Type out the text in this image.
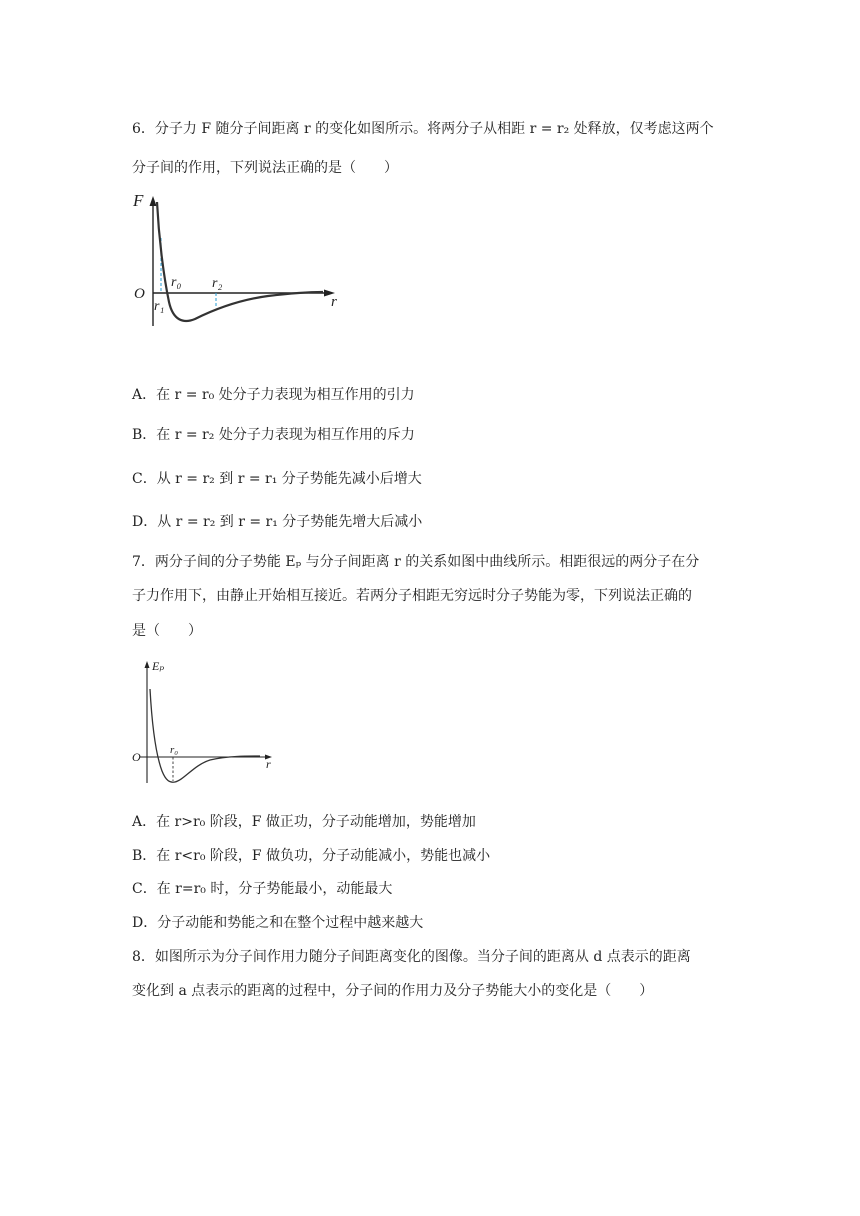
6．分子力 F 随分子间距离 r 的变化如图所示。将两分子从相距 r = r₂ 处释放，仅考虑这两个
分子间的作用，下列说法正确的是（　　）
F
O
r₀
r₁
r₂
r
A．在 r = r₀ 处分子力表现为相互作用的引力
B．在 r = r₂ 处分子力表现为相互作用的斥力
C．从 r = r₂ 到 r = r₁ 分子势能先减小后增大
D．从 r = r₂ 到 r = r₁ 分子势能先增大后减小
7．两分子间的分子势能 Eₚ 与分子间距离 r 的关系如图中曲线所示。相距很远的两分子在分
子力作用下，由静止开始相互接近。若两分子相距无穷远时分子势能为零，下列说法正确的
是（　　）
Eₚ
O	r₀
r
A．在 r>r₀ 阶段，F 做正功，分子动能增加，势能增加
B．在 r<r₀ 阶段，F 做负功，分子动能减小，势能也减小
C．在 r=r₀ 时，分子势能最小，动能最大
D．分子动能和势能之和在整个过程中越来越大
8．如图所示为分子间作用力随分子间距离变化的图像。当分子间的距离从 d 点表示的距离
变化到 a 点表示的距离的过程中，分子间的作用力及分子势能大小的变化是（　　）
